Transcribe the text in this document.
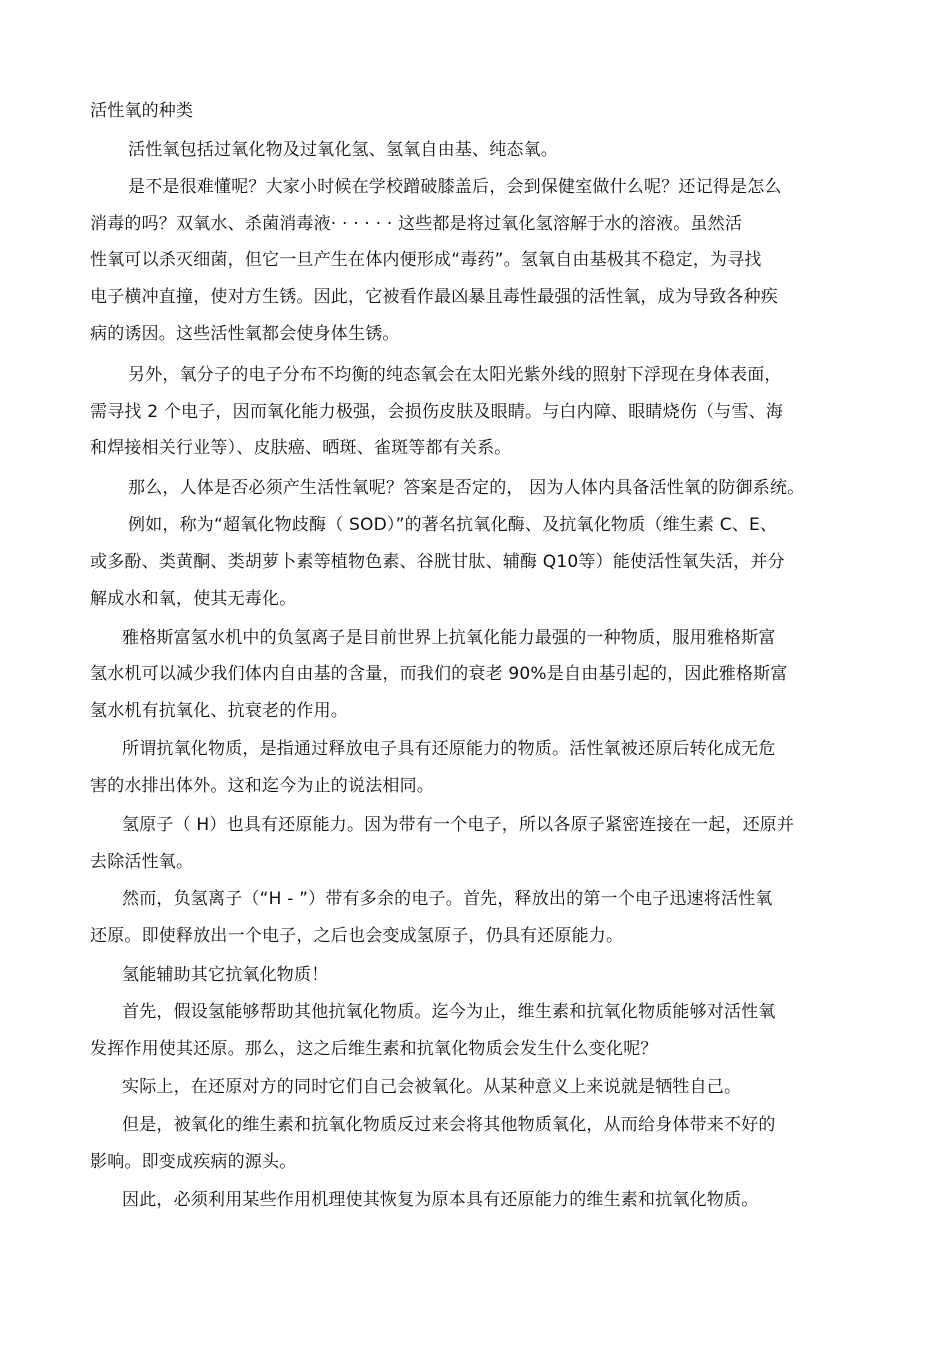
活性氧的种类
活性氧包括过氧化物及过氧化氢、氢氧自由基、纯态氧。
是不是很难懂呢？大家小时候在学校蹭破膝盖后，会到保健室做什么呢？还记得是怎么
消毒的吗？双氧水、杀菌消毒液· · · · · · 这些都是将过氧化氢溶解于水的溶液。虽然活
性氧可以杀灭细菌，但它一旦产生在体内便形成“毒药”。氢氧自由基极其不稳定，为寻找
电子横冲直撞，使对方生锈。因此，它被看作最凶暴且毒性最强的活性氧，成为导致各种疾
病的诱因。这些活性氧都会使身体生锈。
另外，氧分子的电子分布不均衡的纯态氧会在太阳光紫外线的照射下浮现在身体表面，
需寻找 2 个电子，因而氧化能力极强，会损伤皮肤及眼睛。与白内障、眼睛烧伤（与雪、海
和焊接相关行业等）、皮肤癌、晒斑、雀斑等都有关系。
那么，人体是否必须产生活性氧呢？答案是否定的， 因为人体内具备活性氧的防御系统。
例如，称为“超氧化物歧酶（ SOD）”的著名抗氧化酶、及抗氧化物质（维生素 C、E、
或多酚、类黄酮、类胡萝卜素等植物色素、谷胱甘肽、辅酶 Q10等）能使活性氧失活，并分
解成水和氧，使其无毒化。
雅格斯富氢水机中的负氢离子是目前世界上抗氧化能力最强的一种物质，服用雅格斯富
氢水机可以减少我们体内自由基的含量，而我们的衰老 90%是自由基引起的，因此雅格斯富
氢水机有抗氧化、抗衰老的作用。
所谓抗氧化物质，是指通过释放电子具有还原能力的物质。活性氧被还原后转化成无危
害的水排出体外。这和迄今为止的说法相同。
氢原子（ H）也具有还原能力。因为带有一个电子，所以各原子紧密连接在一起，还原并
去除活性氧。
然而，负氢离子（“H - ”）带有多余的电子。首先，释放出的第一个电子迅速将活性氧
还原。即使释放出一个电子，之后也会变成氢原子，仍具有还原能力。
氢能辅助其它抗氧化物质！
首先，假设氢能够帮助其他抗氧化物质。迄今为止，维生素和抗氧化物质能够对活性氧
发挥作用使其还原。那么，这之后维生素和抗氧化物质会发生什么变化呢？
实际上，在还原对方的同时它们自己会被氧化。从某种意义上来说就是牺牲自己。
但是，被氧化的维生素和抗氧化物质反过来会将其他物质氧化，从而给身体带来不好的
影响。即变成疾病的源头。
因此，必须利用某些作用机理使其恢复为原本具有还原能力的维生素和抗氧化物质。
